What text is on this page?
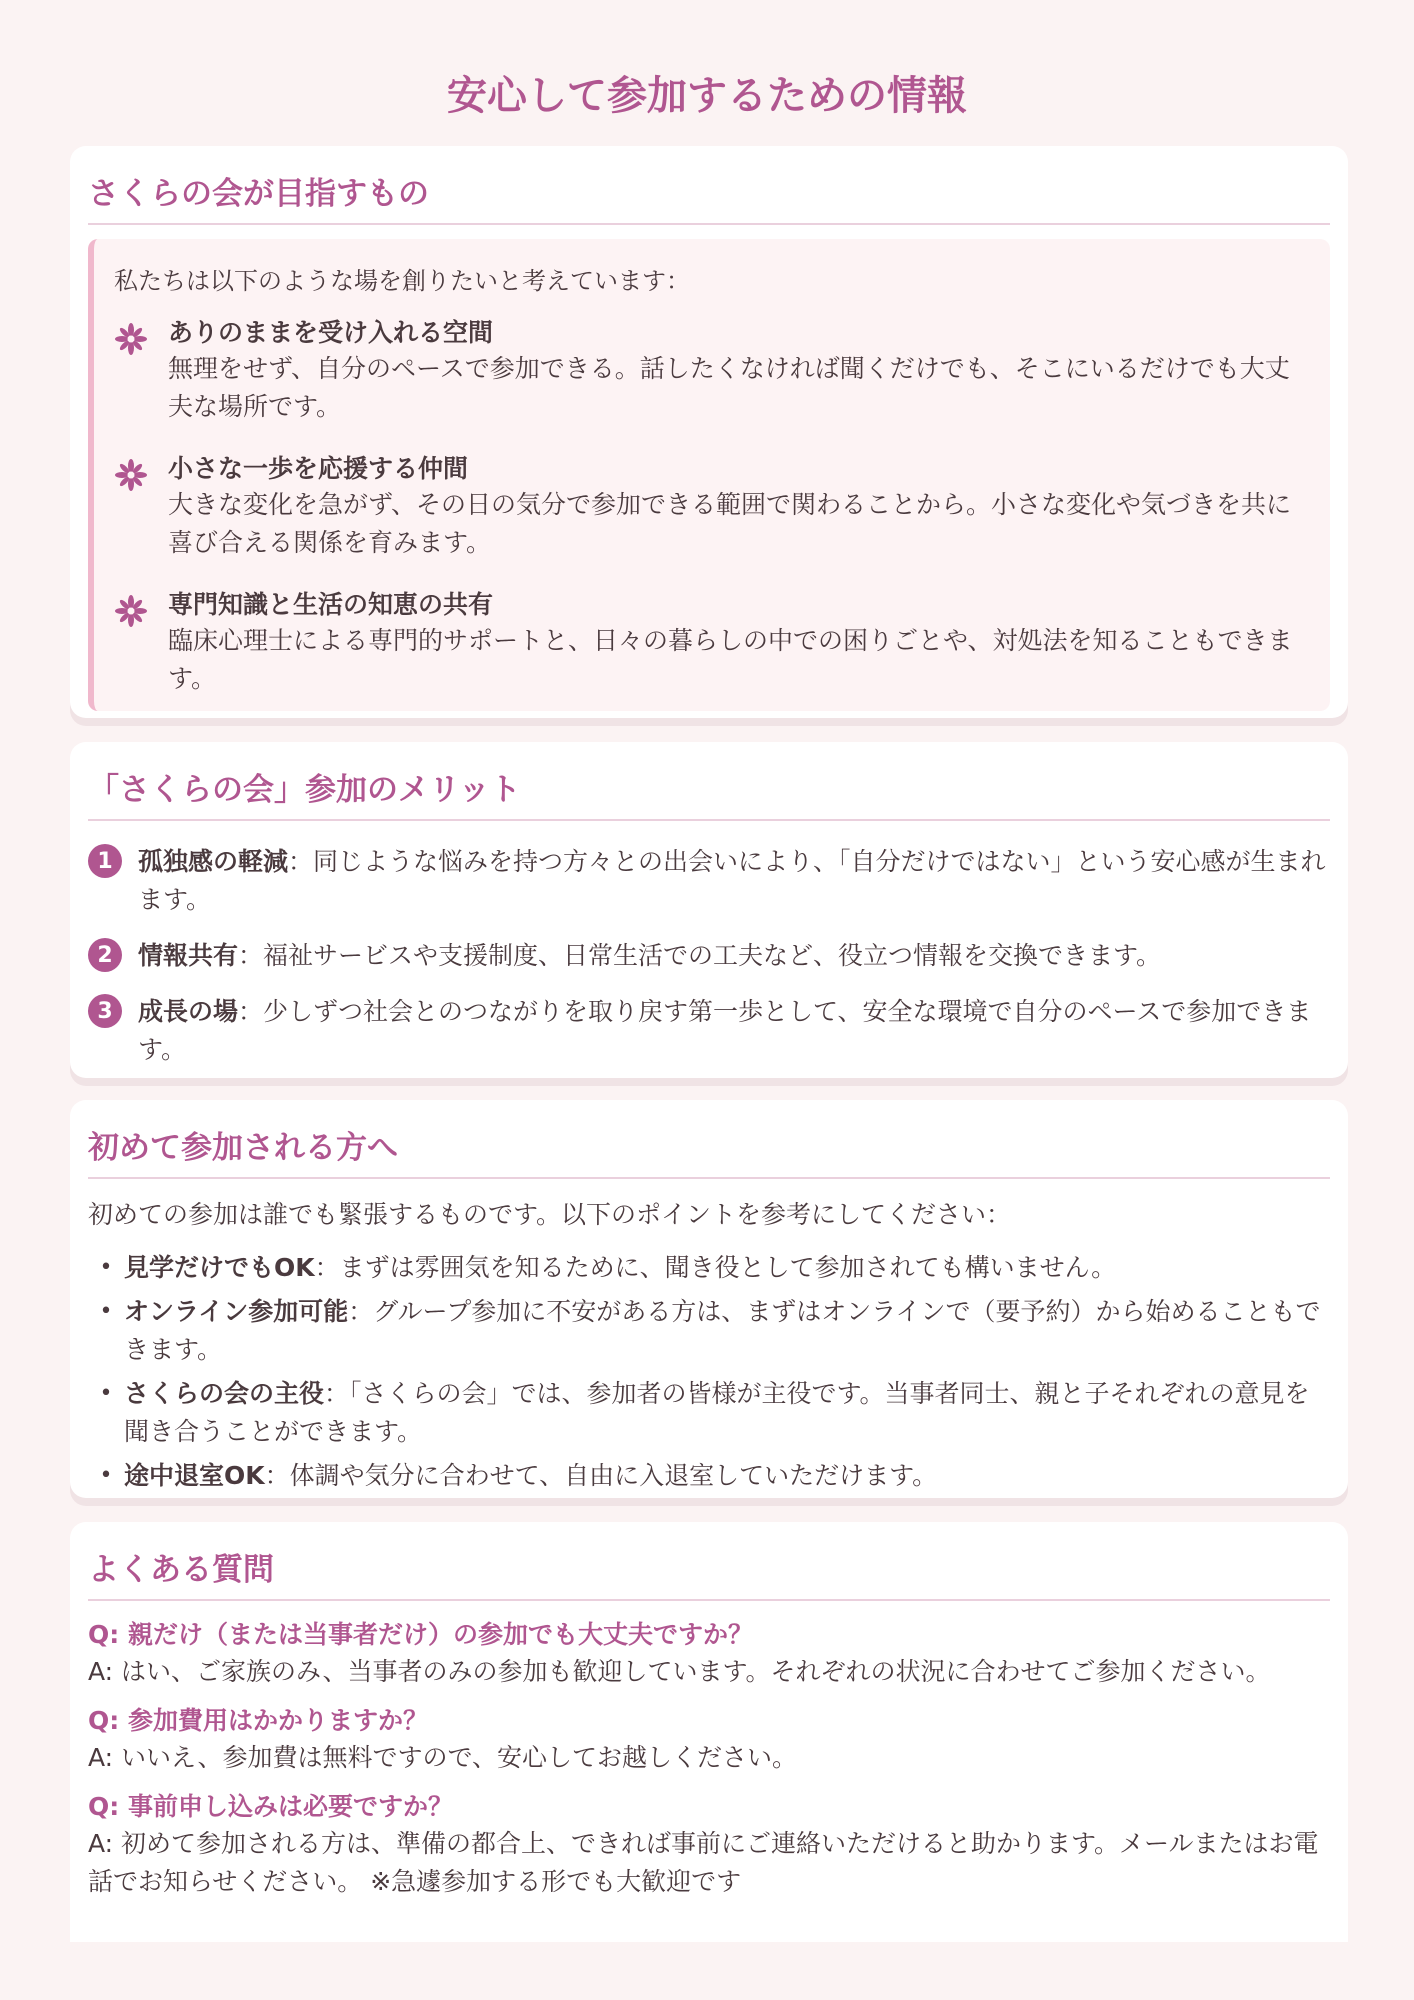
安心して参加するための情報
さくらの会が目指すもの
私たちは以下のような場を創りたいと考えています：
ありのままを受け入れる空間
無理をせず、自分のペースで参加できる。話したくなければ聞くだけでも、そこにいるだけでも大丈夫な場所です。
小さな一歩を応援する仲間
大きな変化を急がず、その日の気分で参加できる範囲で関わることから。小さな変化や気づきを共に喜び合える関係を育みます。
専門知識と生活の知恵の共有
臨床心理士による専門的サポートと、日々の暮らしの中での困りごとや、対処法を知ることもできます。
「さくらの会」参加のメリット
1	孤独感の軽減：同じような悩みを持つ方々との出会いにより、「自分だけではない」という安心感が生まれます。
2	情報共有：福祉サービスや支援制度、日常生活での工夫など、役立つ情報を交換できます。
3	成長の場：少しずつ社会とのつながりを取り戻す第一歩として、安全な環境で自分のペースで参加できます。
初めて参加される方へ
初めての参加は誰でも緊張するものです。以下のポイントを参考にしてください：
• 見学だけでもOK：まずは雰囲気を知るために、聞き役として参加されても構いません。
• オンライン参加可能：グループ参加に不安がある方は、まずはオンラインで（要予約）から始めることもできます。
• さくらの会の主役：「さくらの会」では、参加者の皆様が主役です。当事者同士、親と子それぞれの意見を聞き合うことができます。
• 途中退室OK：体調や気分に合わせて、自由に入退室していただけます。
よくある質問
Q: 親だけ（または当事者だけ）の参加でも大丈夫ですか？
A: はい、ご家族のみ、当事者のみの参加も歓迎しています。それぞれの状況に合わせてご参加ください。
Q: 参加費用はかかりますか？
A: いいえ、参加費は無料ですので、安心してお越しください。
Q: 事前申し込みは必要ですか？
A: 初めて参加される方は、準備の都合上、できれば事前にご連絡いただけると助かります。メールまたはお電話でお知らせください。 ※急遽参加する形でも大歓迎です
